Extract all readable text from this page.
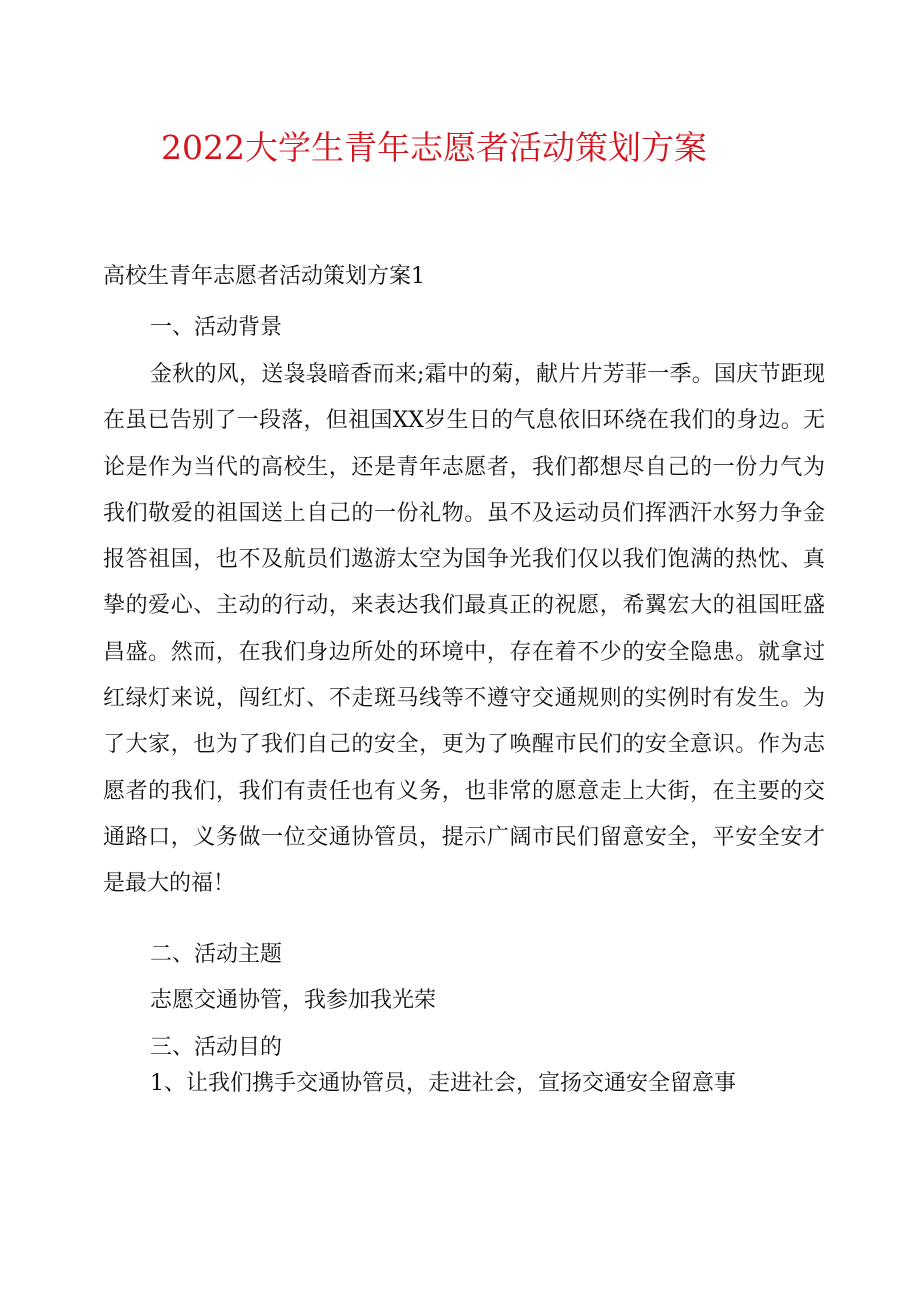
2022大学生青年志愿者活动策划方案
高校生青年志愿者活动策划方案1
一、活动背景
金秋的风，送袅袅暗香而来;霜中的菊，献片片芳菲一季。国庆节距现在虽已告别了一段落，但祖国XX岁生日的气息依旧环绕在我们的身边。无论是作为当代的高校生，还是青年志愿者，我们都想尽自己的一份力气为我们敬爱的祖国送上自己的一份礼物。虽不及运动员们挥洒汗水努力争金报答祖国，也不及航员们遨游太空为国争光我们仅以我们饱满的热忱、真挚的爱心、主动的行动，来表达我们最真正的祝愿，希翼宏大的祖国旺盛昌盛。然而，在我们身边所处的环境中，存在着不少的安全隐患。就拿过红绿灯来说，闯红灯、不走斑马线等不遵守交通规则的实例时有发生。为了大家，也为了我们自己的安全，更为了唤醒市民们的安全意识。作为志愿者的我们，我们有责任也有义务，也非常的愿意走上大街，在主要的交通路口，义务做一位交通协管员，提示广阔市民们留意安全，平安全安才是最大的福！
二、活动主题
志愿交通协管，我参加我光荣
三、活动目的
1、让我们携手交通协管员，走进社会，宣扬交通安全留意事
